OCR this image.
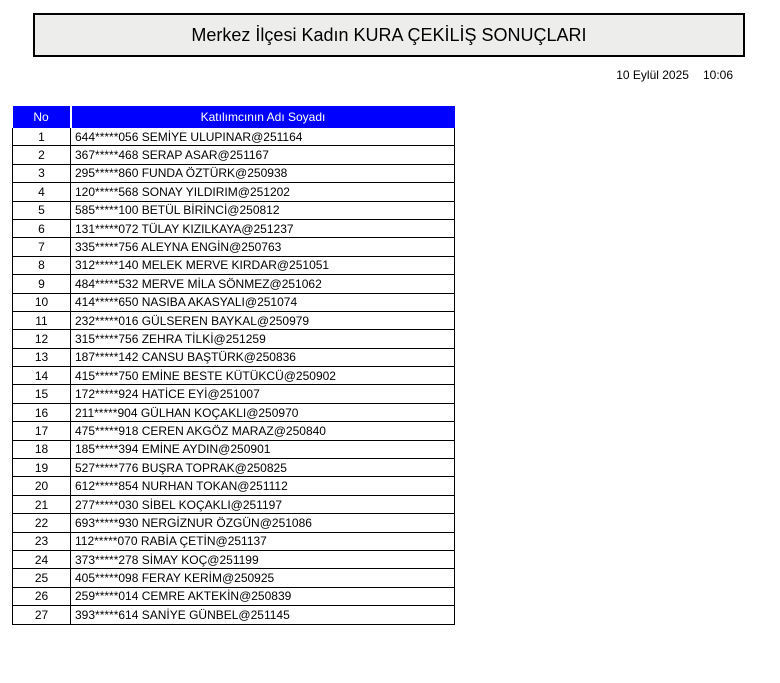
Merkez İlçesi Kadın KURA ÇEKİLİŞ SONUÇLARI
10 Eylül 2025 10:06
No	Katılımcının Adı Soyadı
1	644*****056 SEMİYE ULUPINAR@251164
2	367*****468 SERAP ASAR@251167
3	295*****860 FUNDA ÖZTÜRK@250938
4	120*****568 SONAY YILDIRIM@251202
5	585*****100 BETÜL BİRİNCİ@250812
6	131*****072 TÜLAY KIZILKAYA@251237
7	335*****756 ALEYNA ENGİN@250763
8	312*****140 MELEK MERVE KIRDAR@251051
9	484*****532 MERVE MİLA SÖNMEZ@251062
10	414*****650 NASIBA AKASYALI@251074
11	232*****016 GÜLSEREN BAYKAL@250979
12	315*****756 ZEHRA TİLKİ@251259
13	187*****142 CANSU BAŞTÜRK@250836
14	415*****750 EMİNE BESTE KÜTÜKCÜ@250902
15	172*****924 HATİCE EYİ@251007
16	211*****904 GÜLHAN KOÇAKLI@250970
17	475*****918 CEREN AKGÖZ MARAZ@250840
18	185*****394 EMİNE AYDIN@250901
19	527*****776 BUŞRA TOPRAK@250825
20	612*****854 NURHAN TOKAN@251112
21	277*****030 SİBEL KOÇAKLI@251197
22	693*****930 NERGİZNUR ÖZGÜN@251086
23	112*****070 RABİA ÇETİN@251137
24	373*****278 SİMAY KOÇ@251199
25	405*****098 FERAY KERİM@250925
26	259*****014 CEMRE AKTEKİN@250839
27	393*****614 SANİYE GÜNBEL@251145
